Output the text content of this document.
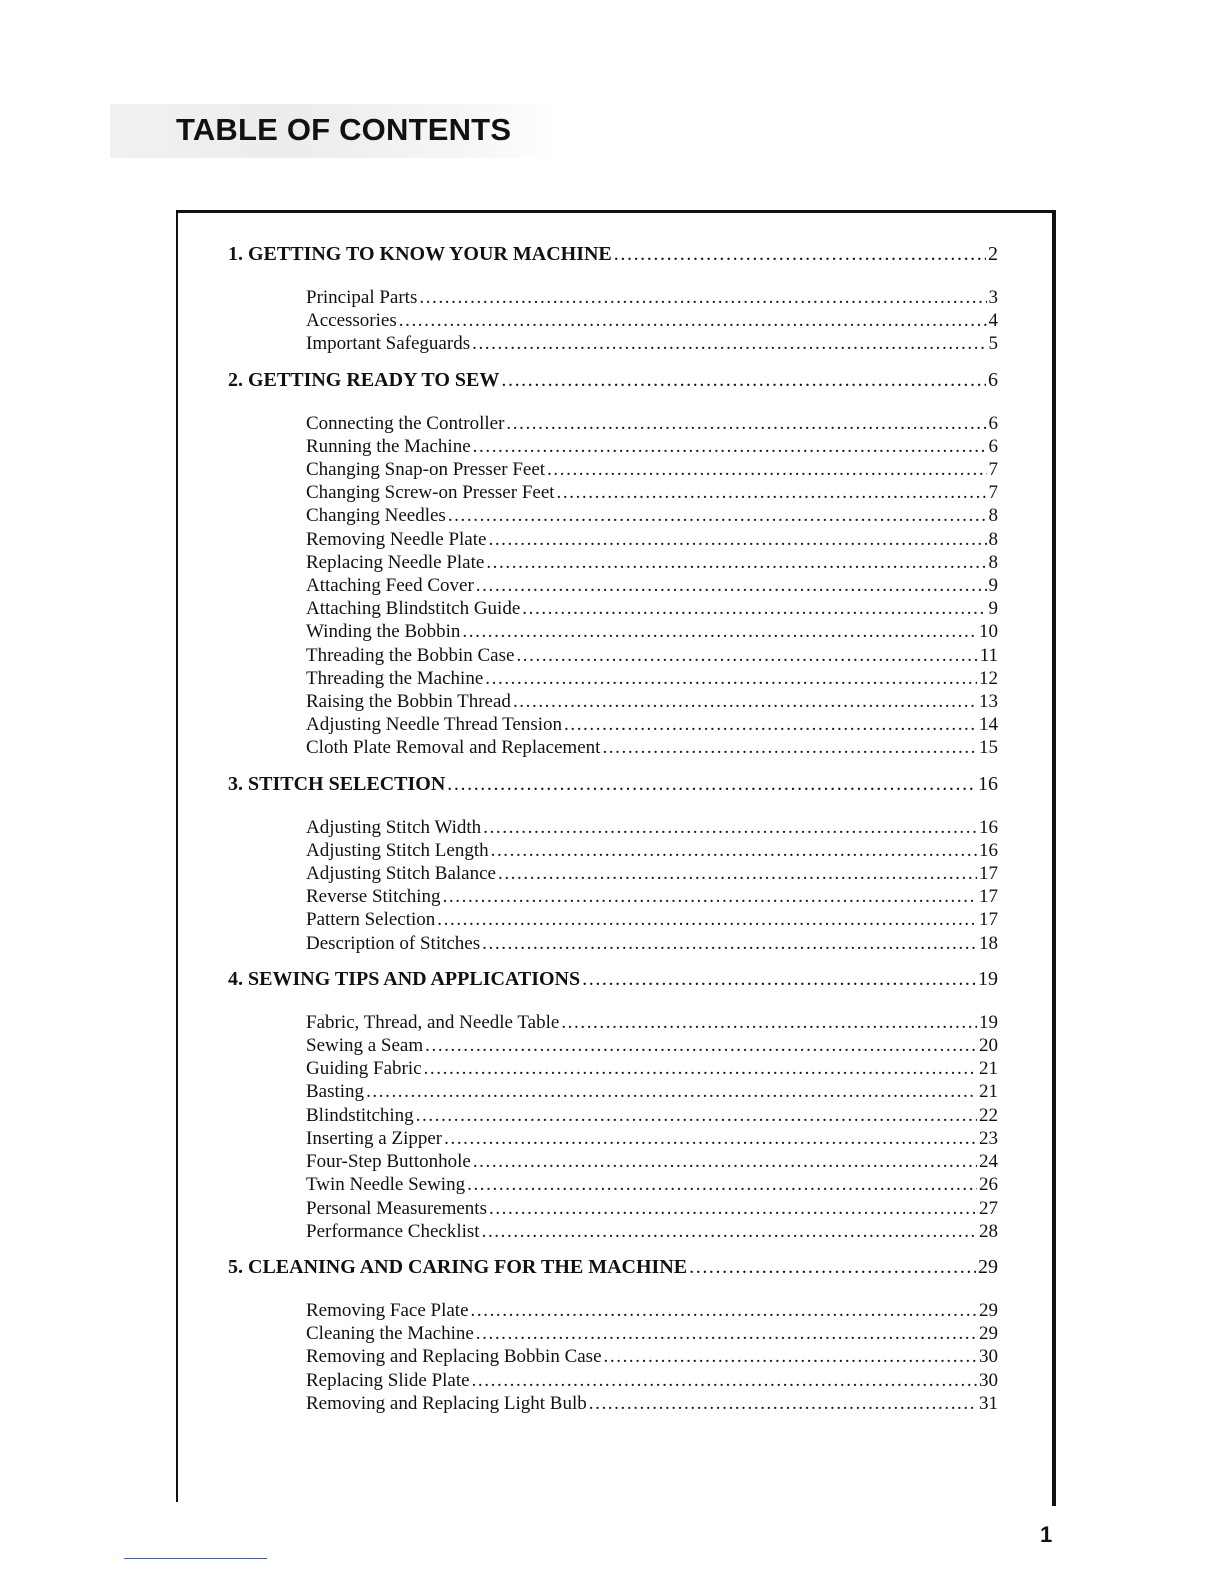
TABLE OF CONTENTS
1. GETTING TO KNOW YOUR MACHINE .....	2
Principal Parts .....	3
Accessories .....	4
Important Safeguards .....	5
2. GETTING READY TO SEW .....	6
Connecting the Controller .....	6
Running the Machine .....	6
Changing Snap-on Presser Feet .....	7
Changing Screw-on Presser Feet .....	7
Changing Needles .....	8
Removing Needle Plate .....	8
Replacing Needle Plate .....	8
Attaching Feed Cover .....	9
Attaching Blindstitch Guide .....	9
Winding the Bobbin .....	10
Threading the Bobbin Case .....	11
Threading the Machine .....	12
Raising the Bobbin Thread .....	13
Adjusting Needle Thread Tension .....	14
Cloth Plate Removal and Replacement .....	15
3. STITCH SELECTION .....	16
Adjusting Stitch Width .....	16
Adjusting Stitch Length .....	16
Adjusting Stitch Balance .....	17
Reverse Stitching .....	17
Pattern Selection .....	17
Description of Stitches .....	18
4. SEWING TIPS AND APPLICATIONS .....	19
Fabric, Thread, and Needle Table .....	19
Sewing a Seam .....	20
Guiding Fabric .....	21
Basting .....	21
Blindstitching .....	22
Inserting a Zipper .....	23
Four-Step Buttonhole .....	24
Twin Needle Sewing .....	26
Personal Measurements .....	27
Performance Checklist .....	28
5. CLEANING AND CARING FOR THE MACHINE .....	29
Removing Face Plate .....	29
Cleaning the Machine .....	29
Removing and Replacing Bobbin Case .....	30
Replacing Slide Plate .....	30
Removing and Replacing Light Bulb .....	31

1
